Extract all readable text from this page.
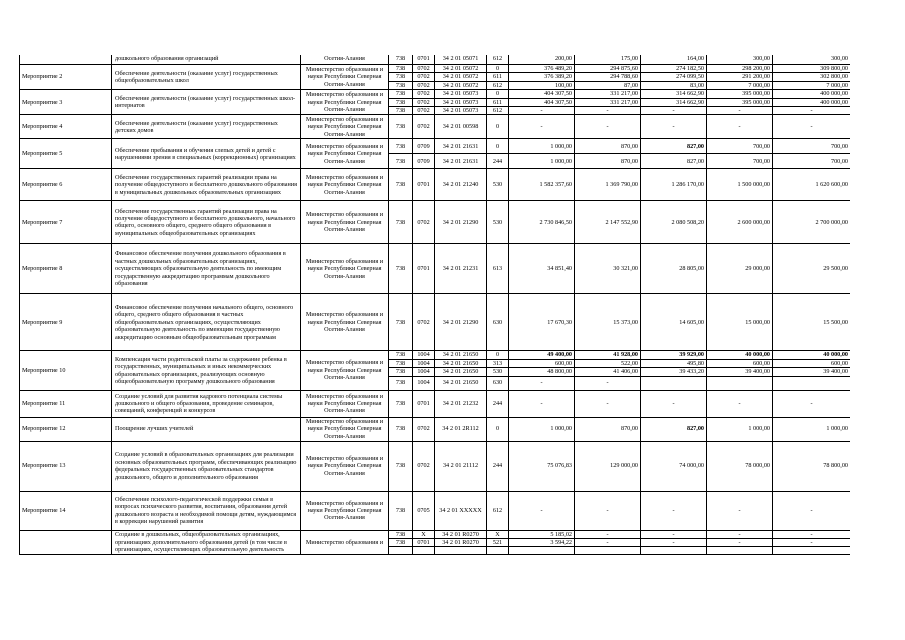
	дошкольного образования организаций	Осетия-Алания	738	0701	34 2 01 05071	612	200,00	175,00	164,00	300,00	300,00
Мероприятие 2	Обеспечение деятельности (оказание услуг) государственных общеобразовательных школ	Министерство образования и науки Республики Северная Осетия-Алания	738	0702	34 2 01 05072	0	376 489,20	294 875,60	274 182,50	298 200,00	309 800,00
			738	0702	34 2 01 05072	611	376 389,20	294 788,60	274 099,50	291 200,00	302 800,00
			738	0702	34 2 01 05072	612	100,00	87,00	83,00	7 000,00	7 000,00
Мероприятие 3	Обеспечение деятельности (оказание услуг) государственных школ-интернатов	Министерство образования и науки Республики Северная Осетия-Алания	738	0702	34 2 01 05073	0	404 307,50	331 217,00	314 662,90	395 000,00	400 000,00
			738	0702	34 2 01 05073	611	404 307,50	331 217,00	314 662,90	395 000,00	400 000,00
			738	0702	34 2 01 05073	612	-	-	-	-	-
Мероприятие 4	Обеспечение деятельности (оказание услуг) государственных детских домов	Министерство образования и науки Республики Северная Осетия-Алания	738	0702	34 2 01 00598	0	-	-	-	-	-
Мероприятие 5	Обеспечение пребывания и обучения слепых детей и детей с нарушениями зрения в специальных (коррекционных) организациях	Министерство образования и науки Республики Северная Осетия-Алания	738	0709	34 2 01 21631	0	1 000,00	870,00	827,00	700,00	700,00
			738	0709	34 2 01 21631	244	1 000,00	870,00	827,00	700,00	700,00
Мероприятие 6	Обеспечение государственных гарантий реализации права на получение общедоступного и бесплатного дошкольного образования в муниципальных дошкольных образовательных организациях	Министерство образования и науки Республики Северная Осетия-Алания	738	0701	34 2 01 21240	530	1 582 357,60	1 369 790,00	1 286 170,00	1 500 000,00	1 620 600,00
Мероприятие 7	Обеспечение государственных гарантий реализации права на получение общедоступного и бесплатного дошкольного, начального общего, основного общего, среднего общего образования в муниципальных общеобразовательных организациях	Министерство образования и науки Республики Северная Осетия-Алания	738	0702	34 2 01 21290	530	2 730 846,50	2 147 552,90	2 080 508,20	2 600 000,00	2 700 000,00
Мероприятие 8	Финансовое обеспечение получения дошкольного образования в частных дошкольных образовательных организациях, осуществляющих образовательную деятельность по имеющим государственную аккредитацию программам дошкольного образования	Министерство образования и науки Республики Северная Осетия-Алания	738	0701	34 2 01 21231	613	34 851,40	30 321,00	28 805,00	29 000,00	29 500,00
Мероприятие 9	Финансовое обеспечение получения начального общего, основного общего, среднего общего образования в частных общеобразовательных организациях, осуществляющих образовательную деятельность по имеющим государственную аккредитацию основным общеобразовательным программам	Министерство образования и науки Республики Северная Осетия-Алания	738	0702	34 2 01 21290	630	17 670,30	15 373,00	14 605,00	15 000,00	15 500,00
Мероприятие 10	Компенсация части родительской платы за содержание ребенка в государственных, муниципальных и иных некоммерческих образовательных организациях, реализующих основную общеобразовательную программу дошкольного образования	Министерство образования и науки Республики Северная Осетия-Алания	738	1004	34 2 01 21650	0	49 400,00	41 928,00	39 929,00	40 000,00	40 000,00
			738	1004	34 2 01 21650	313	600,00	522,00	495,80	600,00	600,00
			738	1004	34 2 01 21650	530	48 800,00	41 406,00	39 433,20	39 400,00	39 400,00
			738	1004	34 2 01 21650	630	-	-			
Мероприятие 11	Создание условий для развития кадрового потенциала системы дошкольного и общего образования, проведение семинаров, совещаний, конференций и конкурсов	Министерство образования и науки Республики Северная Осетия-Алания	738	0701	34 2 01 21232	244	-	-	-	-	-
Мероприятие 12	Поощрение лучших учителей	Министерство образования и науки Республики Северная Осетия-Алания	738	0702	34 2 01 2R112	0	1 000,00	870,00	827,00	1 000,00	1 000,00
Мероприятие 13	Создание условий в образовательных организациях для реализации основных образовательных программ, обеспечивающих реализацию федеральных государственных образовательных стандартов дошкольного, общего и дополнительного образования	Министерство образования и науки Республики Северная Осетия-Алания	738	0702	34 2 01 21112	244	75 076,83	129 000,00	74 000,00	78 000,00	78 800,00
Мероприятие 14	Обеспечение психолого-педагогической поддержки семьи в вопросах психического развития, воспитания, образования детей дошкольного возраста и необходимой помощи детям, нуждающимся в коррекции нарушений развития	Министерство образования и науки Республики Северная Осетия-Алания	738	0705	34 2 01 XXXXX	612	-	-	-	-	-
	Создание в дошкольных, общеобразовательных организациях, организациях дополнительного образования детей (в том числе в организациях, осуществляющих образовательную деятельность	Министерство образования и	738	X	34 2 01 R0270	X	5 185,02	-	-	-	-
			738	0701	34 2 01 R0270	521	3 594,22	-	-	-	-
